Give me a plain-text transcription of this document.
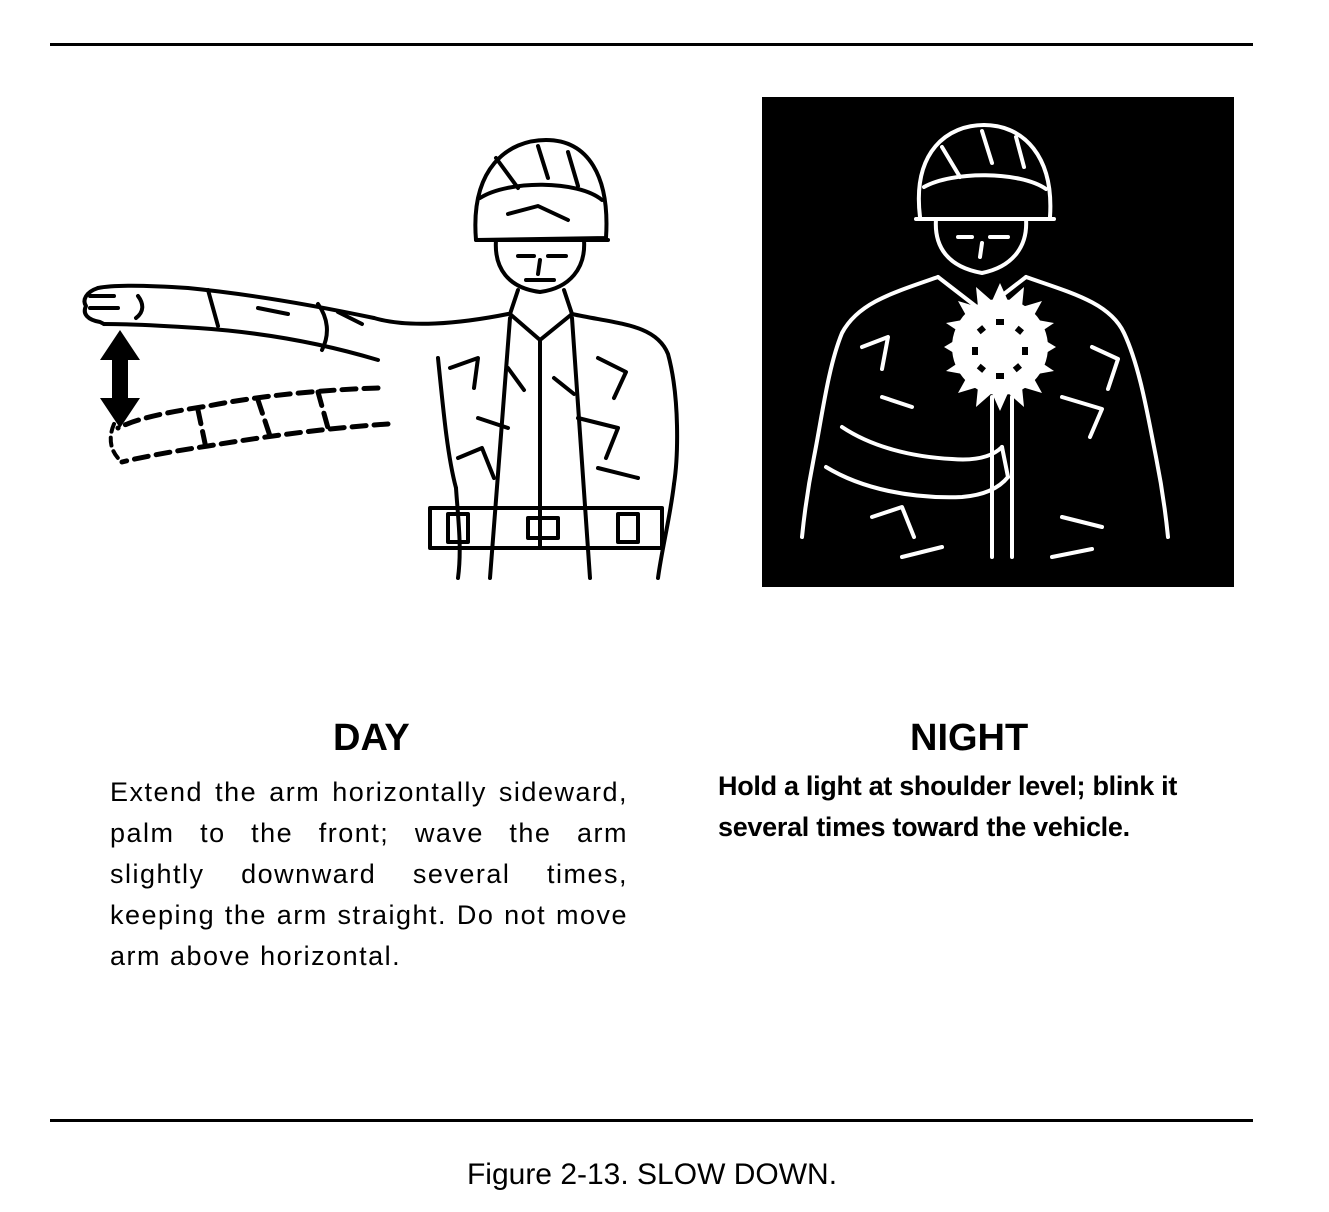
DAY

Extend the arm horizontally sideward, palm to the front; wave the arm slightly downward several times, keeping the arm straight. Do not move arm above horizontal.

NIGHT

Hold a light at shoulder level; blink it several times toward the vehicle.

Figure 2-13. SLOW DOWN.
